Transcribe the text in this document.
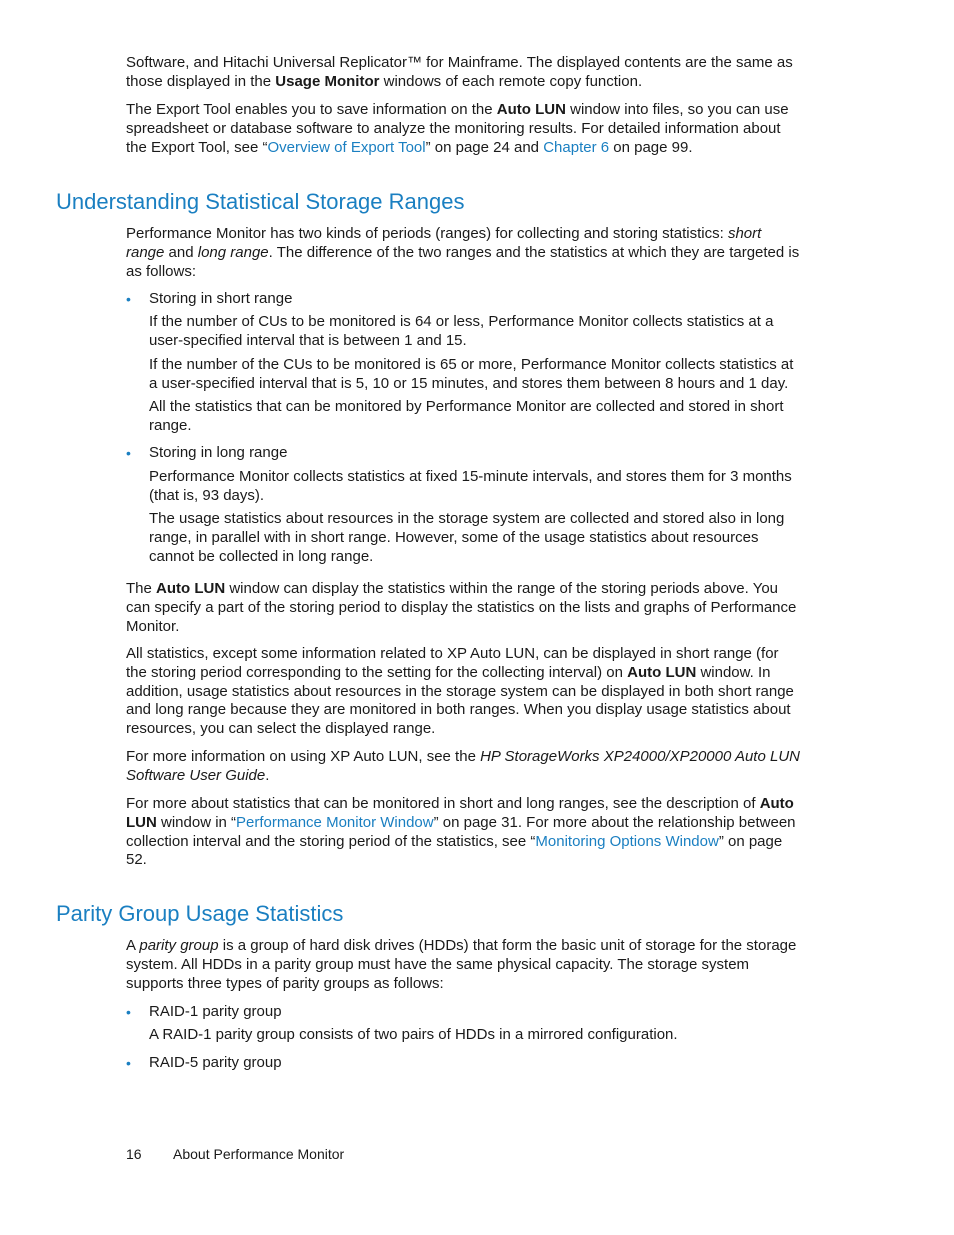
Software, and Hitachi Universal Replicator™ for Mainframe. The displayed contents are the same as those displayed in the Usage Monitor windows of each remote copy function.

The Export Tool enables you to save information on the Auto LUN window into files, so you can use spreadsheet or database software to analyze the monitoring results. For detailed information about the Export Tool, see “Overview of Export Tool” on page 24 and Chapter 6 on page 99.

Understanding Statistical Storage Ranges

Performance Monitor has two kinds of periods (ranges) for collecting and storing statistics: short range and long range. The difference of the two ranges and the statistics at which they are targeted is as follows:

• Storing in short range

If the number of CUs to be monitored is 64 or less, Performance Monitor collects statistics at a user-specified interval that is between 1 and 15.

If the number of the CUs to be monitored is 65 or more, Performance Monitor collects statistics at a user-specified interval that is 5, 10 or 15 minutes, and stores them between 8 hours and 1 day.

All the statistics that can be monitored by Performance Monitor are collected and stored in short range.

• Storing in long range

Performance Monitor collects statistics at fixed 15-minute intervals, and stores them for 3 months (that is, 93 days).

The usage statistics about resources in the storage system are collected and stored also in long range, in parallel with in short range. However, some of the usage statistics about resources cannot be collected in long range.

The Auto LUN window can display the statistics within the range of the storing periods above. You can specify a part of the storing period to display the statistics on the lists and graphs of Performance Monitor.

All statistics, except some information related to XP Auto LUN, can be displayed in short range (for the storing period corresponding to the setting for the collecting interval) on Auto LUN window. In addition, usage statistics about resources in the storage system can be displayed in both short range and long range because they are monitored in both ranges. When you display usage statistics about resources, you can select the displayed range.

For more information on using XP Auto LUN, see the HP StorageWorks XP24000/XP20000 Auto LUN Software User Guide.

For more about statistics that can be monitored in short and long ranges, see the description of Auto LUN window in “Performance Monitor Window” on page 31. For more about the relationship between collection interval and the storing period of the statistics, see “Monitoring Options Window” on page 52.

Parity Group Usage Statistics

A parity group is a group of hard disk drives (HDDs) that form the basic unit of storage for the storage system. All HDDs in a parity group must have the same physical capacity. The storage system supports three types of parity groups as follows:

• RAID-1 parity group

A RAID-1 parity group consists of two pairs of HDDs in a mirrored configuration.

• RAID-5 parity group
16 About Performance Monitor
